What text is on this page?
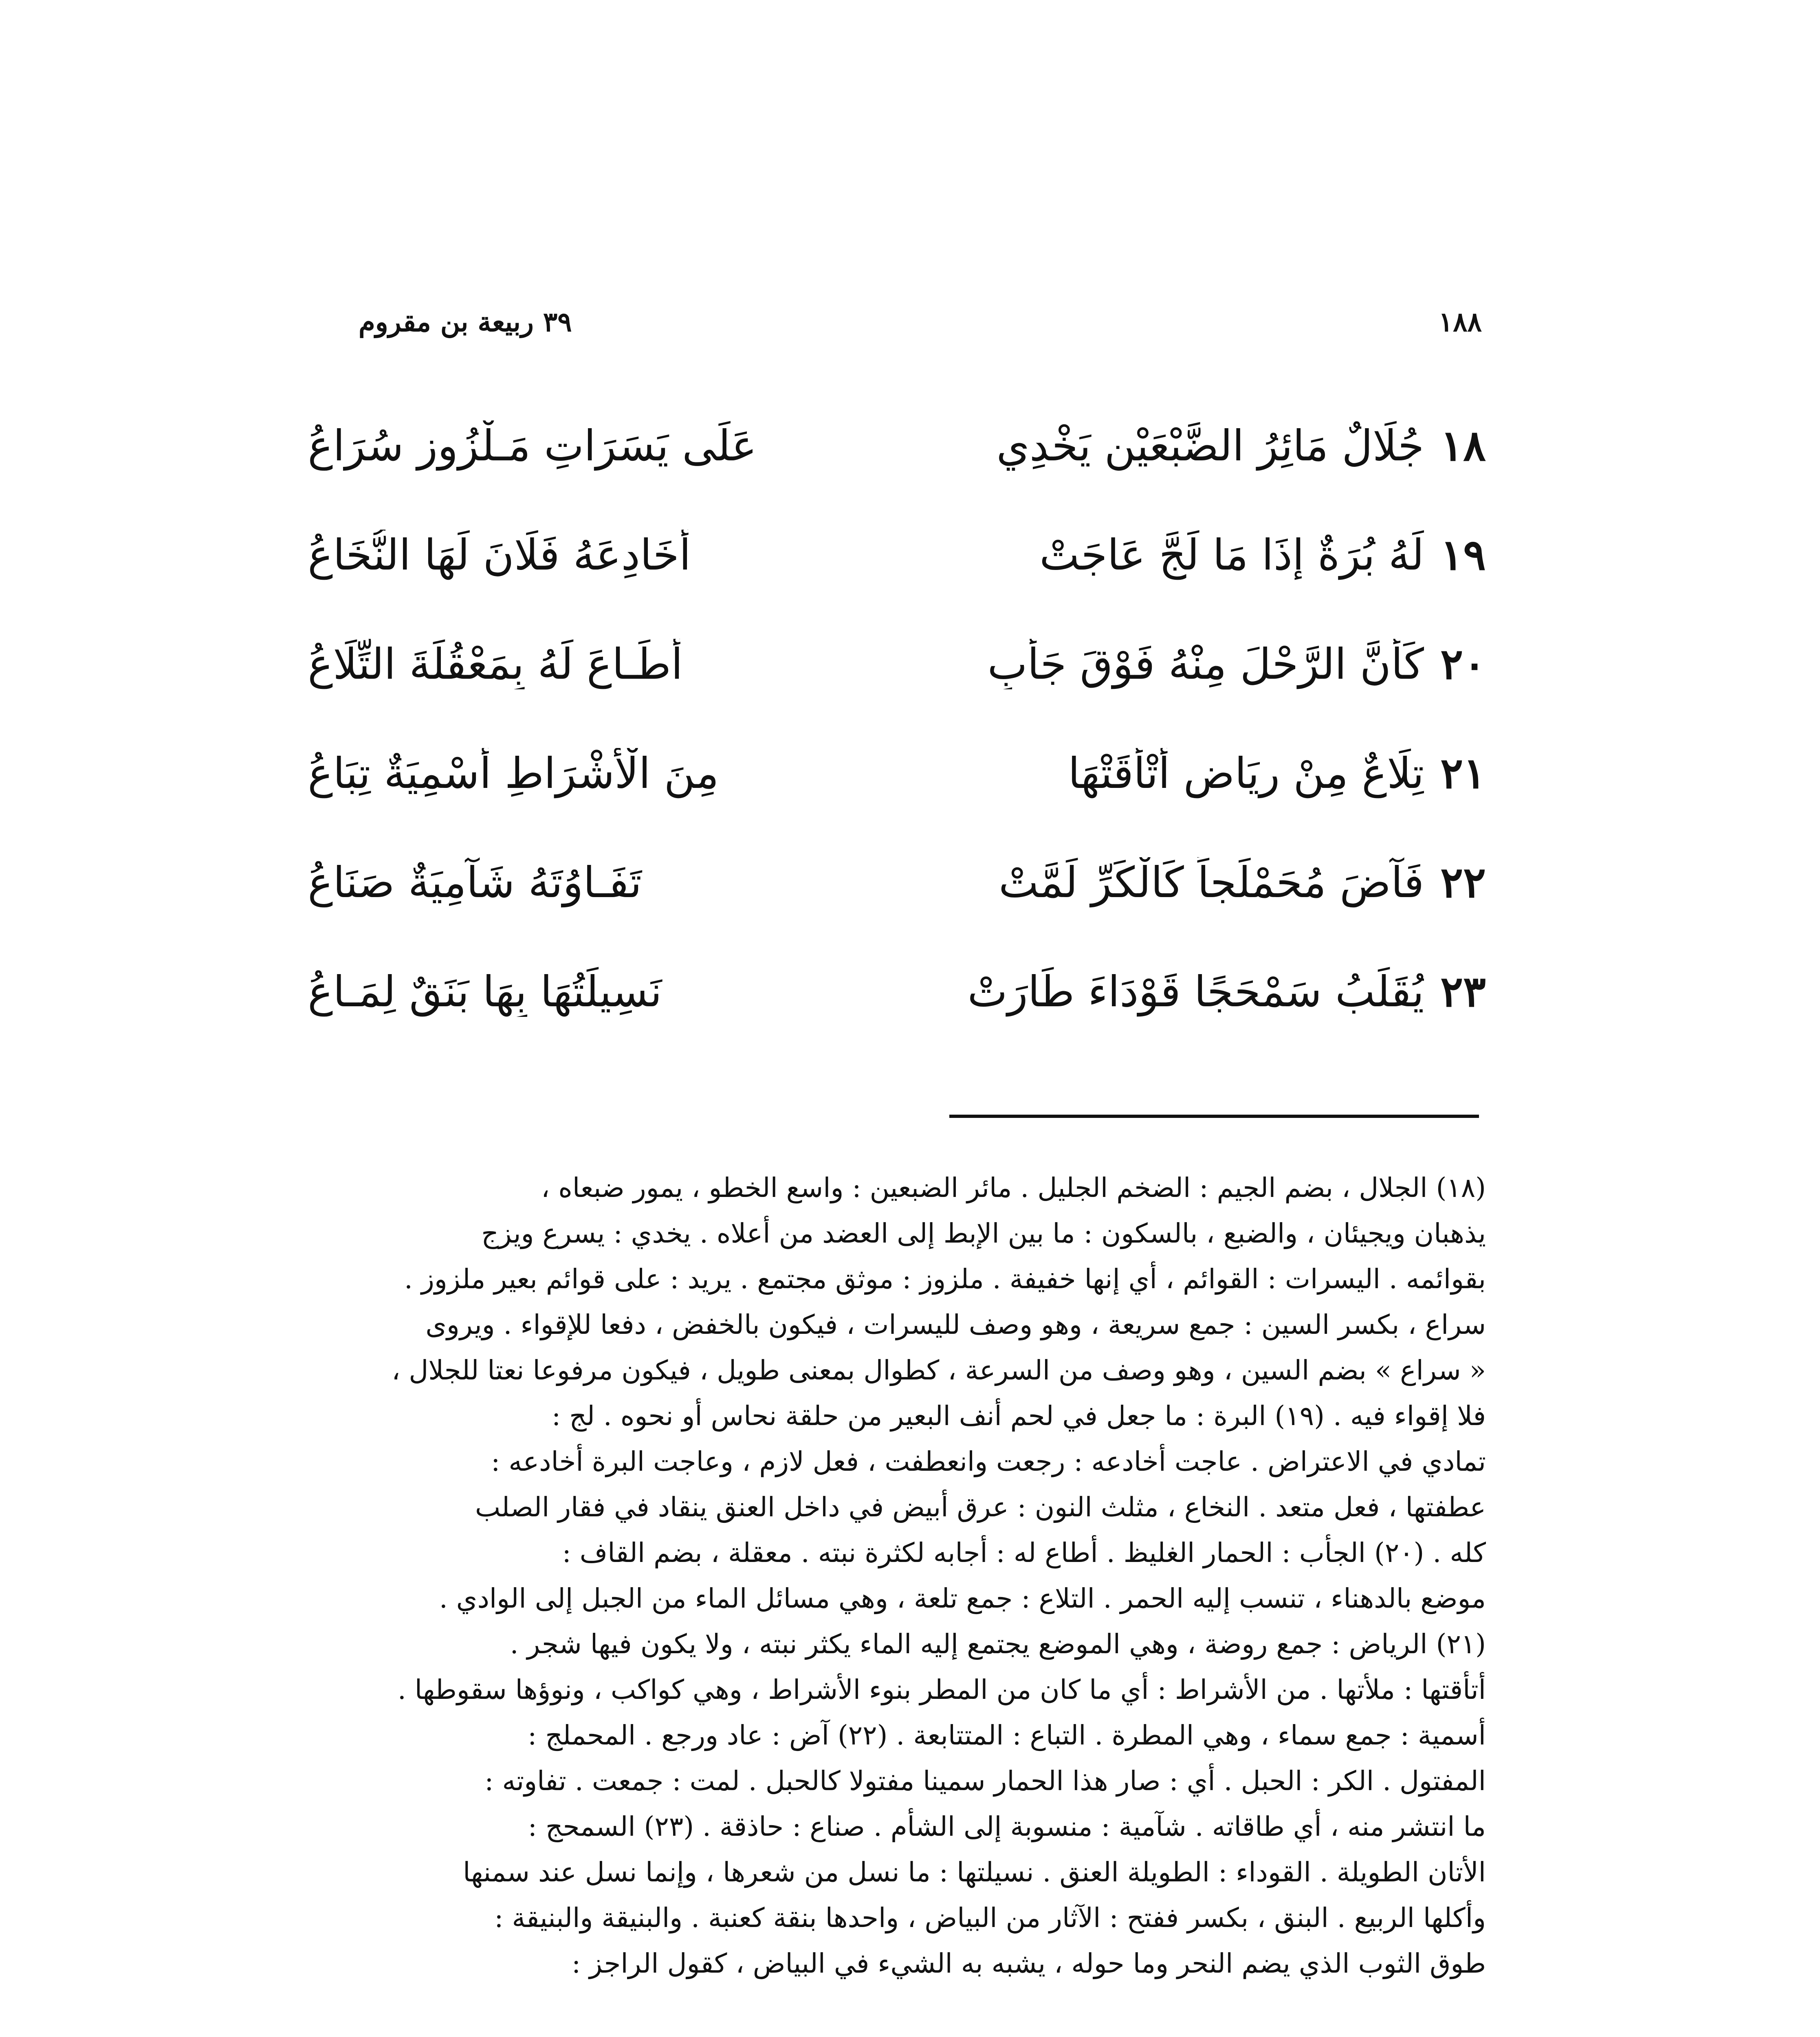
٣٩ ربيعة بن مقروم	١٨٨
١٨
جُلَالٌ مَائِرُ الضَّبْعَيْنِ يَخْدِي
عَلَى يَسَرَاتِ مَـلْزُوزٍ سُرَاعُ
١٩
لَهُ بُرَةٌ إِذَا مَا لَجَّ عَاجَتْ
أَخَادِعَهُ فَلَانَ لَهَا النُّخَاعُ
٢٠
كَأَنَّ الرَّحْلَ مِنْهُ فَوْقَ جَأْبٍ
أَطَـاعَ لَهُ بِمَعْقُلَةَ التِّلَاعُ
٢١
تِلَاعٌ مِنْ رِيَاضٍ أَتْأَقَتْهَا
مِنَ الْأَشْرَاطِ أَسْمِيَةٌ تِبَاعُ
٢٢
فَآضَ مُحَمْلَجاً كَالْكَرِّ لَمَّتْ
تَفَـاوُتَهُ شَآمِيَةٌ صَنَاعُ
٢٣
يُقَلِّبُ سَمْحَجًا قَوْدَاءَ طَارَتْ
نَسِيلَتُهَا بِهَا بَنَقٌ لِمَـاعُ
(١٨) الجلال ، بضم الجيم : الضخم الجليل . مائر الضبعين : واسع الخطو ، يمور ضبعاه ،
يذهبان ويجيئان ، والضبع ، بالسكون : ما بين الإبط إلى العضد من أعلاه . يخدي : يسرع ويزج
بقوائمه . اليسرات : القوائم ، أي إنها خفيفة . ملزوز : موثق مجتمع . يريد : على قوائم بعير ملزوز .
سراع ، بكسر السين : جمع سريعة ، وهو وصف لليسرات ، فيكون بالخفض ، دفعا للإقواء . ويروى
« سراع » بضم السين ، وهو وصف من السرعة ، كطوال بمعنى طويل ، فيكون مرفوعا نعتا للجلال ،
فلا إقواء فيه . (١٩) البرة : ما جعل في لحم أنف البعير من حلقة نحاس أو نحوه . لج :
تمادي في الاعتراض . عاجت أخادعه : رجعت وانعطفت ، فعل لازم ، وعاجت البرة أخادعه :
عطفتها ، فعل متعد . النخاع ، مثلث النون : عرق أبيض في داخل العنق ينقاد في فقار الصلب
كله . (٢٠) الجأب : الحمار الغليظ . أطاع له : أجابه لكثرة نبته . معقلة ، بضم القاف :
موضع بالدهناء ، تنسب إليه الحمر . التلاع : جمع تلعة ، وهي مسائل الماء من الجبل إلى الوادي .
(٢١) الرياض : جمع روضة ، وهي الموضع يجتمع إليه الماء يكثر نبته ، ولا يكون فيها شجر .
أتأقتها : ملأتها . من الأشراط : أي ما كان من المطر بنوء الأشراط ، وهي كواكب ، ونوؤها سقوطها .
أسمية : جمع سماء ، وهي المطرة . التباع : المتتابعة . (٢٢) آض : عاد ورجع . المحملج :
المفتول . الكر : الحبل . أي : صار هذا الحمار سمينا مفتولا كالحبل . لمت : جمعت . تفاوته :
ما انتشر منه ، أي طاقاته . شآمية : منسوبة إلى الشأم . صناع : حاذقة . (٢٣) السمحج :
الأتان الطويلة . القوداء : الطويلة العنق . نسيلتها : ما نسل من شعرها ، وإنما نسل عند سمنها
وأكلها الربيع . البنق ، بكسر ففتح : الآثار من البياض ، واحدها بنقة كعنبة . والبنيقة والبنيقة :
طوق الثوب الذي يضم النحر وما حوله ، يشبه به الشيء في البياض ، كقول الراجز :
